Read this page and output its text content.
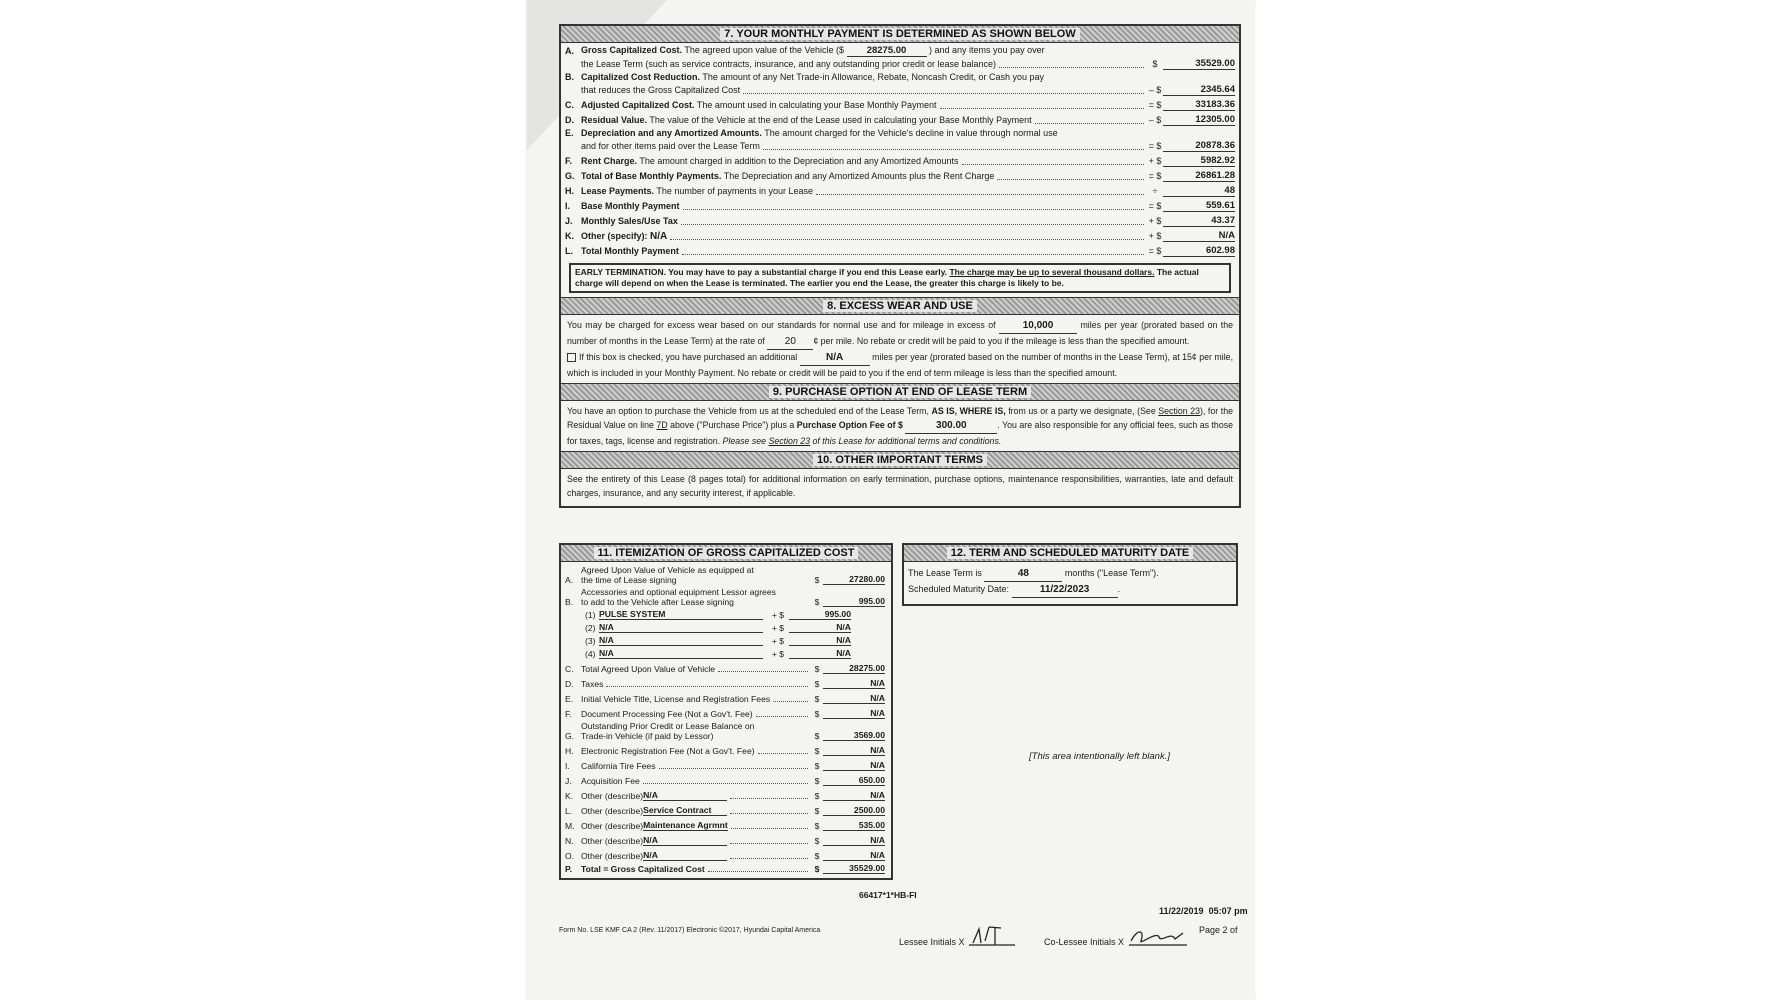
7. YOUR MONTHLY PAYMENT IS DETERMINED AS SHOWN BELOW
A. Gross Capitalized Cost. The agreed upon value of the Vehicle ($ 28275.00	) and any items you pay over
the Lease Term (such as service contracts, insurance, and any outstanding prior credit or lease balance)	$	35529.00
B. Capitalized Cost Reduction. The amount of any Net Trade-in Allowance, Rebate, Noncash Credit, or Cash you pay
that reduces the Gross Capitalized Cost	– $	2345.64
C. Adjusted Capitalized Cost. The amount used in calculating your Base Monthly Payment	= $	33183.36
D. Residual Value. The value of the Vehicle at the end of the Lease used in calculating your Base Monthly Payment	– $	12305.00
E. Depreciation and any Amortized Amounts. The amount charged for the Vehicle's decline in value through normal use
and for other items paid over the Lease Term	= $	20878.36
F. Rent Charge. The amount charged in addition to the Depreciation and any Amortized Amounts	+ $	5982.92
G. Total of Base Monthly Payments. The Depreciation and any Amortized Amounts plus the Rent Charge	= $	26861.28
H. Lease Payments. The number of payments in your Lease	÷	48
I.	Base Monthly Payment	= $	559.61
J. Monthly Sales/Use Tax	+ $	43.37
K. Other (specify): N/A	+ $	N/A
L. Total Monthly Payment	= $	602.98
EARLY TERMINATION. You may have to pay a substantial charge if you end this Lease early. The charge may be up to several thousand dollars. The actual charge will depend on when the Lease is terminated. The earlier you end the Lease, the greater this charge is likely to be.
8. EXCESS WEAR AND USE
You may be charged for excess wear based on our standards for normal use and for mileage in excess of	10,000	miles per year (prorated based on the number of months in the Lease Term) at the rate of 20 ¢ per mile. No rebate or credit will be paid to you if the mileage is less than the specified amount.
If this box is checked, you have purchased an additional	N/A	miles per year (prorated based on the number of months in the Lease Term), at 15¢ per mile, which is included in your Monthly Payment. No rebate or credit will be paid to you if the end of term mileage is less than the specified amount.
9. PURCHASE OPTION AT END OF LEASE TERM
You have an option to purchase the Vehicle from us at the scheduled end of the Lease Term, AS IS, WHERE IS, from us or a party we designate, (See Section 23), for the Residual Value on line 7D above ("Purchase Price") plus a Purchase Option Fee of $	300.00	. You are also responsible for any official fees, such as those for taxes, tags, license and registration. Please see Section 23 of this Lease for additional terms and conditions.
10. OTHER IMPORTANT TERMS
See the entirety of this Lease (8 pages total) for additional information on early termination, purchase options, maintenance responsibilities, warranties, late and default charges, insurance, and any security interest, if applicable.
11. ITEMIZATION OF GROSS CAPITALIZED COST
A.
Agreed Upon Value of Vehicle as equipped at
the time of Lease signing	$	27280.00
B.
Accessories and optional equipment Lessor agrees
to add to the Vehicle after Lease signing	$	995.00
(1) PULSE SYSTEM	+ $	995.00
(2) N/A	+ $	N/A
(3) N/A	+ $	N/A
(4) N/A	+ $	N/A
C. Total Agreed Upon Value of Vehicle	$	28275.00
D. Taxes	$	N/A
E. Initial Vehicle Title, License and Registration Fees	$	N/A
F.	Document Processing Fee (Not a Gov't. Fee)	$	N/A
G.
Outstanding Prior Credit or Lease Balance on
Trade-in Vehicle (if paid by Lessor)	$	3569.00
H. Electronic Registration Fee (Not a Gov't. Fee)	$	N/A
I.	California Tire Fees	$	N/A
J.	Acquisition Fee	$	650.00
K. Other (describe) N/A	$	N/A
L.	Other (describe) Service Contract	$	2500.00
M. Other (describe) Maintenance Agrmnt	$	535.00
N. Other (describe) N/A	$	N/A
O. Other (describe) N/A	$	N/A
P.	Total = Gross Capitalized Cost	$	35529.00
12. TERM AND SCHEDULED MATURITY DATE
The Lease Term is	48	months ("Lease Term").
Scheduled Maturity Date:	11/22/2023	.
[This area intentionally left blank.]
66417*1*HB-FI
Form No. LSE KMF CA 2 (Rev. 11/2017) Electronic ©2017, Hyundai Capital America
Lessee Initials X	Co-Lessee Initials X
11/22/2019 05:07 pm
Page 2 of
